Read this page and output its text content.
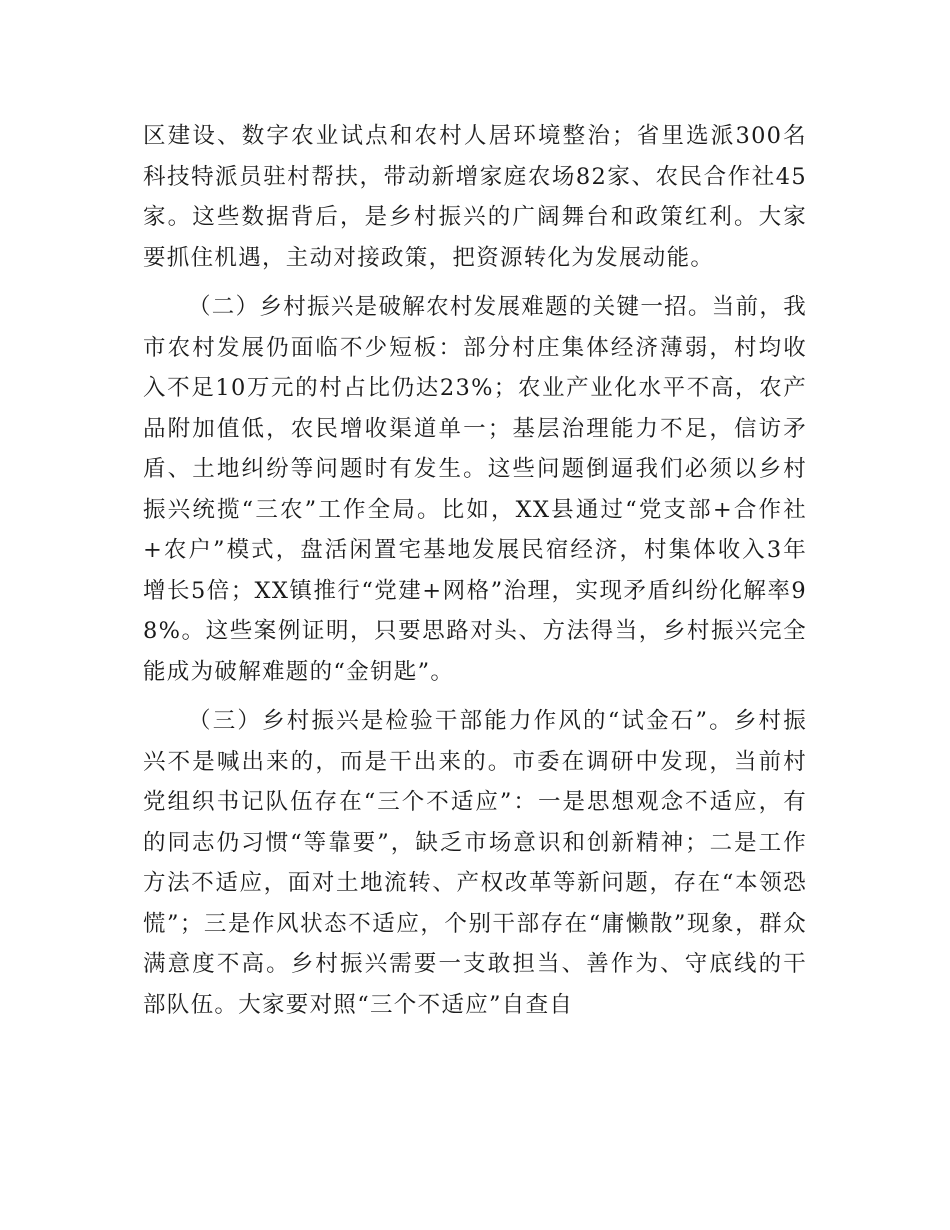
区建设、数字农业试点和农村人居环境整治；省里选派300名科技特派员驻村帮扶，带动新增家庭农场82家、农民合作社45家。这些数据背后，是乡村振兴的广阔舞台和政策红利。大家要抓住机遇，主动对接政策，把资源转化为发展动能。

（二）乡村振兴是破解农村发展难题的关键一招。当前，我市农村发展仍面临不少短板：部分村庄集体经济薄弱，村均收入不足10万元的村占比仍达23%；农业产业化水平不高，农产品附加值低，农民增收渠道单一；基层治理能力不足，信访矛盾、土地纠纷等问题时有发生。这些问题倒逼我们必须以乡村振兴统揽“三农”工作全局。比如，XX县通过“党支部+合作社+农户”模式，盘活闲置宅基地发展民宿经济，村集体收入3年增长5倍；XX镇推行“党建+网格”治理，实现矛盾纠纷化解率98%。这些案例证明，只要思路对头、方法得当，乡村振兴完全能成为破解难题的“金钥匙”。

（三）乡村振兴是检验干部能力作风的“试金石”。乡村振兴不是喊出来的，而是干出来的。市委在调研中发现，当前村党组织书记队伍存在“三个不适应”：一是思想观念不适应，有的同志仍习惯“等靠要”，缺乏市场意识和创新精神；二是工作方法不适应，面对土地流转、产权改革等新问题，存在“本领恐慌”；三是作风状态不适应，个别干部存在“庸懒散”现象，群众满意度不高。乡村振兴需要一支敢担当、善作为、守底线的干部队伍。大家要对照“三个不适应”自查自
